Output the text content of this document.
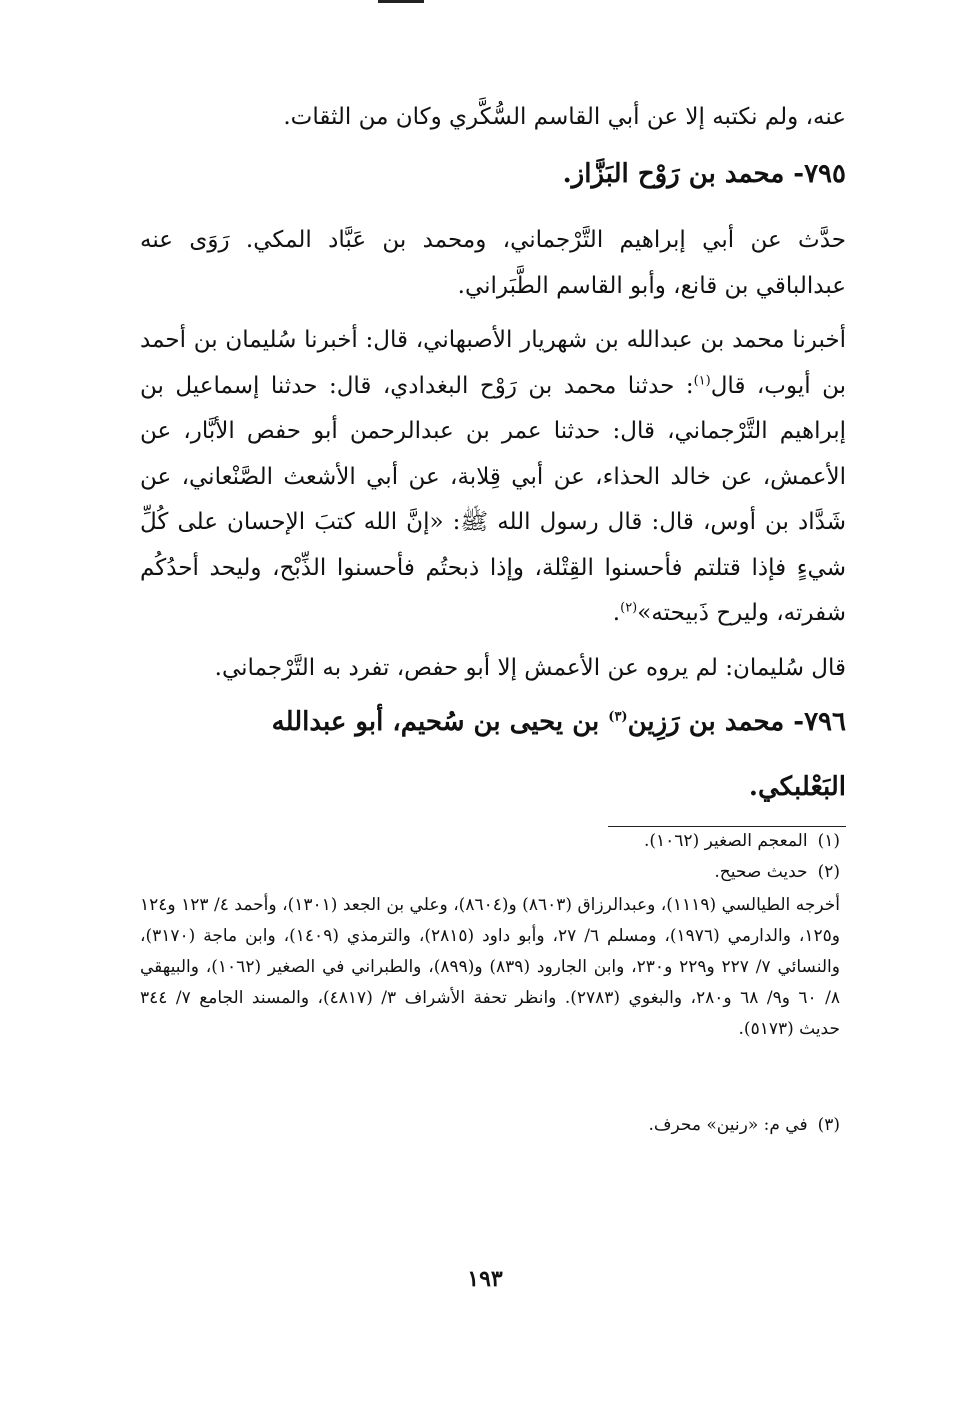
عنه، ولم نكتبه إلا عن أبي القاسم السُّكَّري وكان من الثقات.
٧٩٥- محمد بن رَوْح البَزَّاز.
حدَّث عن أبي إبراهيم التَّرْجماني، ومحمد بن عَبَّاد المكي. رَوَى عنه عبدالباقي بن قانع، وأبو القاسم الطَّبَراني.
أخبرنا محمد بن عبدالله بن شهريار الأصبهاني، قال: أخبرنا سُليمان بن أحمد بن أيوب، قال$^{(١)}$: حدثنا محمد بن رَوْح البغدادي، قال: حدثنا إسماعيل بن إبراهيم التَّرْجماني، قال: حدثنا عمر بن عبدالرحمن أبو حفص الأبَّار، عن الأعمش، عن خالد الحذاء، عن أبي قِلابة، عن أبي الأشعث الصَّنْعاني، عن شَدَّاد بن أوس، قال: قال رسول الله ﷺ: «إنَّ الله كتبَ الإحسان على كُلِّ شيءٍ فإذا قتلتم فأحسنوا القِتْلة، وإذا ذبحتُم فأحسنوا الذِّبْح، وليحد أحدُكُم شفرته، وليرح ذَبيحته»$^{(٢)}$.
قال سُليمان: لم يروه عن الأعمش إلا أبو حفص، تفرد به التَّرْجماني.
٧٩٦- محمد بن رَزِين$^{(٣)}$ بن يحيى بن سُحيم، أبو عبدالله
البَعْلبكي.
(١)المعجم الصغير (١٠٦٢).
(٢)حديث صحيح.
أخرجه الطيالسي (١١١٩)، وعبدالرزاق (٨٦٠٣) و(٨٦٠٤)، وعلي بن الجعد (١٣٠١)، وأحمد ٤/ ١٢٣ و١٢٤ و١٢٥، والدارمي (١٩٧٦)، ومسلم ٦/ ٢٧، وأبو داود (٢٨١٥)، والترمذي (١٤٠٩)، وابن ماجة (٣١٧٠)، والنسائي ٧/ ٢٢٧ و٢٢٩ و٢٣٠، وابن الجارود (٨٣٩) و(٨٩٩)، والطبراني في الصغير (١٠٦٢)، والبيهقي ٨/ ٦٠ و٩/ ٦٨ و٢٨٠، والبغوي (٢٧٨٣). وانظر تحفة الأشراف ٣/ (٤٨١٧)، والمسند الجامع ٧/ ٣٤٤ حديث (٥١٧٣).
(٣)في م: «رنين» محرف.
١٩٣
